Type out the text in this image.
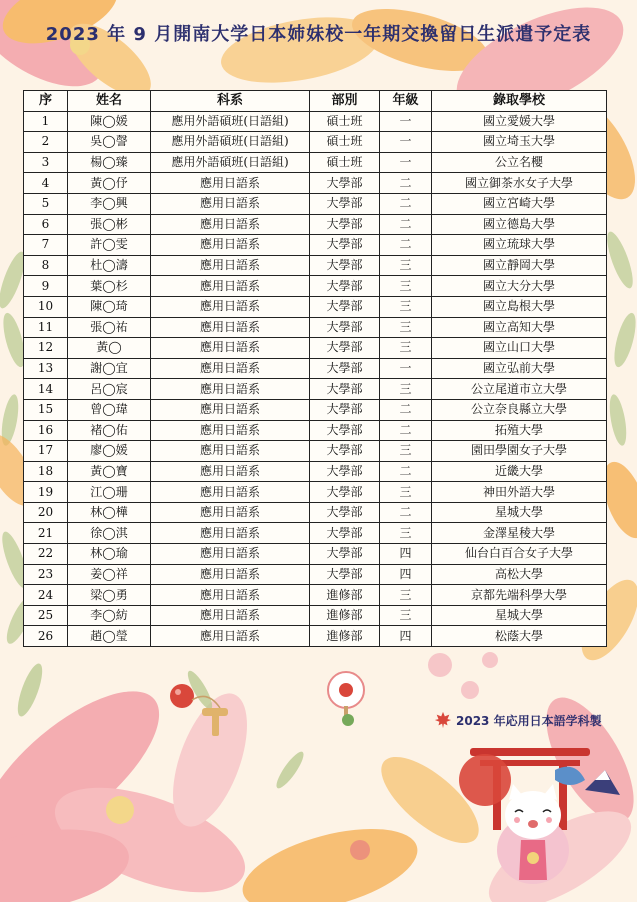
2023 年 9 月開南大学日本姉妹校一年期交換留日生派遣予定表
序	姓名	科系	部別	年級	錄取學校
1	陳◯媛	應用外語碩班(日語組)	碩士班	一	國立愛媛大學
2	吳◯謦	應用外語碩班(日語組)	碩士班	一	國立埼玉大學
3	楊◯臻	應用外語碩班(日語組)	碩士班	一	公立名櫻
4	黃◯伃	應用日語系	大學部	二	國立御茶水女子大學
5	李◯興	應用日語系	大學部	二	國立宮崎大學
6	張◯彬	應用日語系	大學部	二	國立德島大學
7	許◯雯	應用日語系	大學部	二	國立琉球大學
8	杜◯濤	應用日語系	大學部	三	國立靜岡大學
9	葉◯杉	應用日語系	大學部	三	國立大分大學
10	陳◯琦	應用日語系	大學部	三	國立島根大學
11	張◯祐	應用日語系	大學部	三	國立高知大學
12	黃◯	應用日語系	大學部	三	國立山口大學
13	謝◯宜	應用日語系	大學部	一	國立弘前大學
14	呂◯宸	應用日語系	大學部	三	公立尾道市立大學
15	曾◯瑋	應用日語系	大學部	二	公立奈良縣立大學
16	褚◯佑	應用日語系	大學部	二	拓殖大學
17	廖◯媛	應用日語系	大學部	三	園田學園女子大學
18	黃◯寶	應用日語系	大學部	二	近畿大學
19	江◯珊	應用日語系	大學部	三	神田外語大學
20	林◯樺	應用日語系	大學部	二	星城大學
21	徐◯淇	應用日語系	大學部	三	金澤星稜大學
22	林◯瑜	應用日語系	大學部	四	仙台白百合女子大學
23	姜◯祥	應用日語系	大學部	四	高松大學
24	梁◯勇	應用日語系	進修部	三	京都先端科學大學
25	李◯紡	應用日語系	進修部	三	星城大學
26	趙◯瑩	應用日語系	進修部	四	松蔭大學
2023 年応用日本語学科製
